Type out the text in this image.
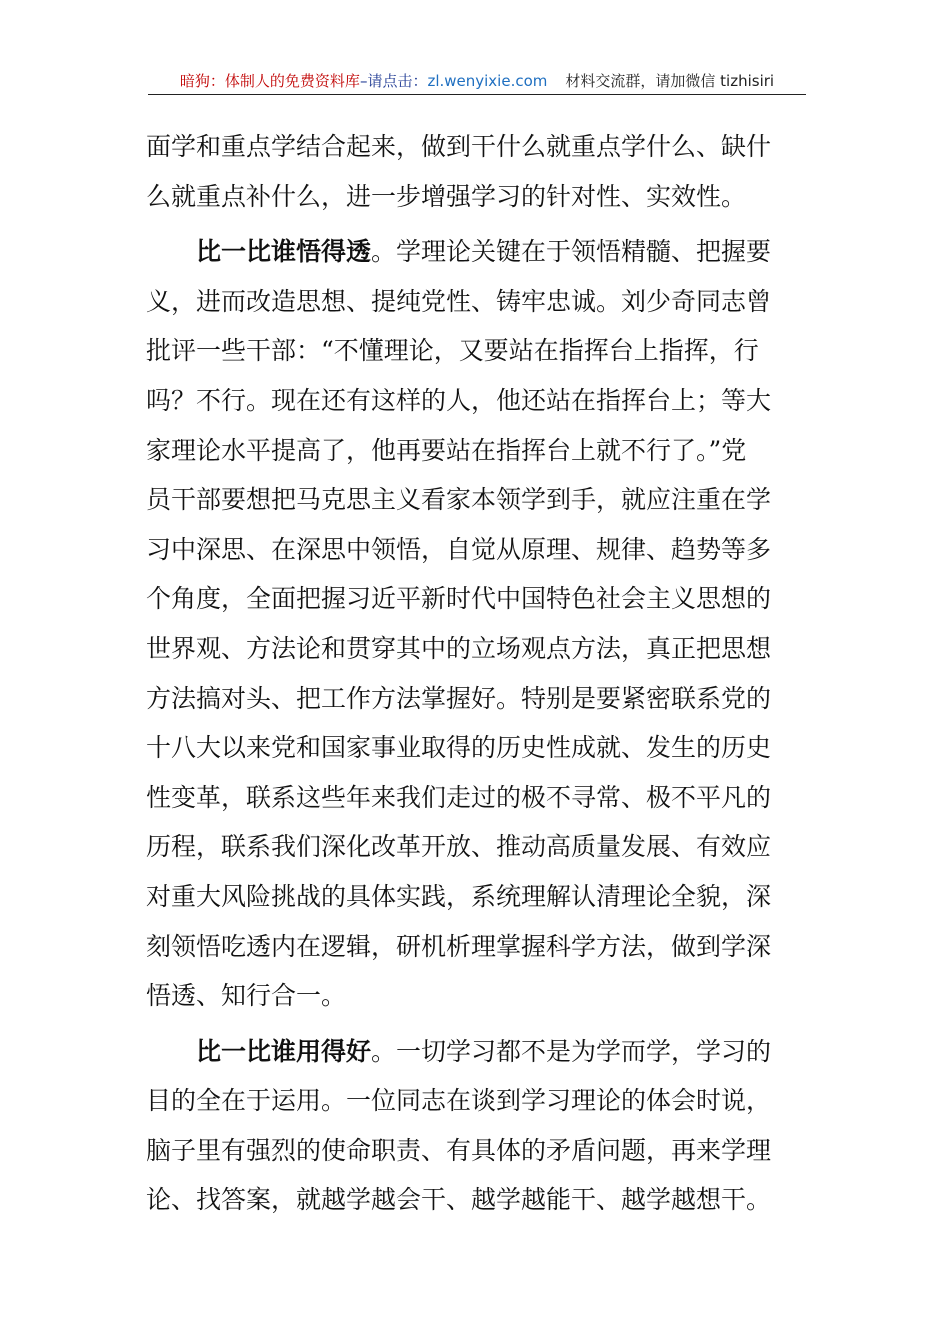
暗狗：体制人的免费资料库–请点击：zl.wenyixie.com 材料交流群，请加微信 tizhisiri
面学和重点学结合起来，做到干什么就重点学什么、缺什
么就重点补什么，进一步增强学习的针对性、实效性。
比一比谁悟得透。学理论关键在于领悟精髓、把握要
义，进而改造思想、提纯党性、铸牢忠诚。刘少奇同志曾
批评一些干部：“不懂理论，又要站在指挥台上指挥，行
吗？不行。现在还有这样的人，他还站在指挥台上；等大
家理论水平提高了，他再要站在指挥台上就不行了。”党
员干部要想把马克思主义看家本领学到手，就应注重在学
习中深思、在深思中领悟，自觉从原理、规律、趋势等多
个角度，全面把握习近平新时代中国特色社会主义思想的
世界观、方法论和贯穿其中的立场观点方法，真正把思想
方法搞对头、把工作方法掌握好。特别是要紧密联系党的
十八大以来党和国家事业取得的历史性成就、发生的历史
性变革，联系这些年来我们走过的极不寻常、极不平凡的
历程，联系我们深化改革开放、推动高质量发展、有效应
对重大风险挑战的具体实践，系统理解认清理论全貌，深
刻领悟吃透内在逻辑，研机析理掌握科学方法，做到学深
悟透、知行合一。
比一比谁用得好。一切学习都不是为学而学，学习的
目的全在于运用。一位同志在谈到学习理论的体会时说，
脑子里有强烈的使命职责、有具体的矛盾问题，再来学理
论、找答案，就越学越会干、越学越能干、越学越想干。
